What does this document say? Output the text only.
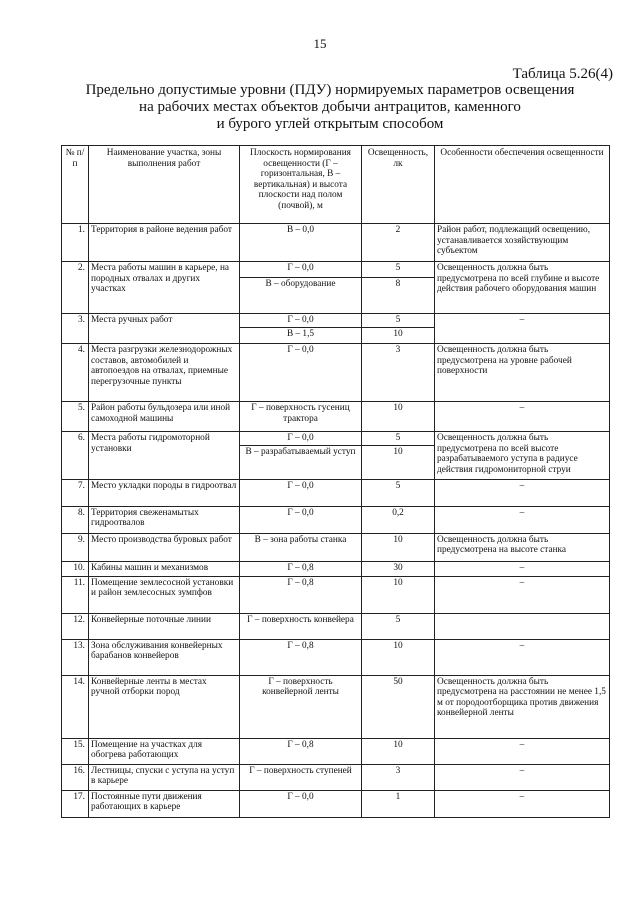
15
Таблица 5.26(4)
Предельно допустимые уровни (ПДУ) нормируемых параметров освещения
на рабочих местах объектов добычи антрацитов, каменного
и бурого углей открытым способом
№ п/п	Наименование участка, зоны выполнения работ	Плоскость нормирования освещенности (Г – горизонтальная, В – вертикальная) и высота плоскости над полом (почвой), м	Освещенность, лк	Особенности обеспечения освещенности
1.	Территория в районе ведения работ	В – 0,0	2	Район работ, подлежащий освещению, устанавливается хозяйствующим субъектом
2.	Места работы машин в карьере, на породных отвалах и других участках	Г – 0,0	5	Освещенность должна быть предусмотрена по всей глубине и высоте действия рабочего оборудования машин
		В – оборудование	8	
3.	Места ручных работ	Г – 0,0	5	–
		В – 1,5	10	
4.	Места разгрузки железнодорожных составов, автомобилей и автопоездов на отвалах, приемные перегрузочные пункты	Г – 0,0	3	Освещенность должна быть предусмотрена на уровне рабочей поверхности
5.	Район работы бульдозера или иной самоходной машины	Г – поверхность гусениц трактора	10	–
6.	Места работы гидромоторной установки	Г – 0,0	5	Освещенность должна быть предусмотрена по всей высоте разрабатываемого уступа в радиусе действия гидромониторной струи
		В – разрабатываемый уступ	10	
7.	Место укладки породы в гидроотвал	Г – 0,0	5	–
8.	Территория свеженамытых гидроотвалов	Г – 0,0	0,2	–
9.	Место производства буровых работ	В – зона работы станка	10	Освещенность должна быть предусмотрена на высоте станка
10.	Кабины машин и механизмов	Г – 0,8	30	–
11.	Помещение землесосной установки и район землесосных зумпфов	Г – 0,8	10	–
12.	Конвейерные поточные линии	Г – поверхность конвейера	5	
13.	Зона обслуживания конвейерных барабанов конвейеров	Г – 0,8	10	–
14.	Конвейерные ленты в местах ручной отборки пород	Г – поверхность конвейерной ленты	50	Освещенность должна быть предусмотрена на расстоянии не менее 1,5 м от породоотборщика против движения конвейерной ленты
15.	Помещение на участках для обогрева работающих	Г – 0,8	10	–
16.	Лестницы, спуски с уступа на уступ в карьере	Г – поверхность ступеней	3	–
17.	Постоянные пути движения работающих в карьере	Г – 0,0	1	–
